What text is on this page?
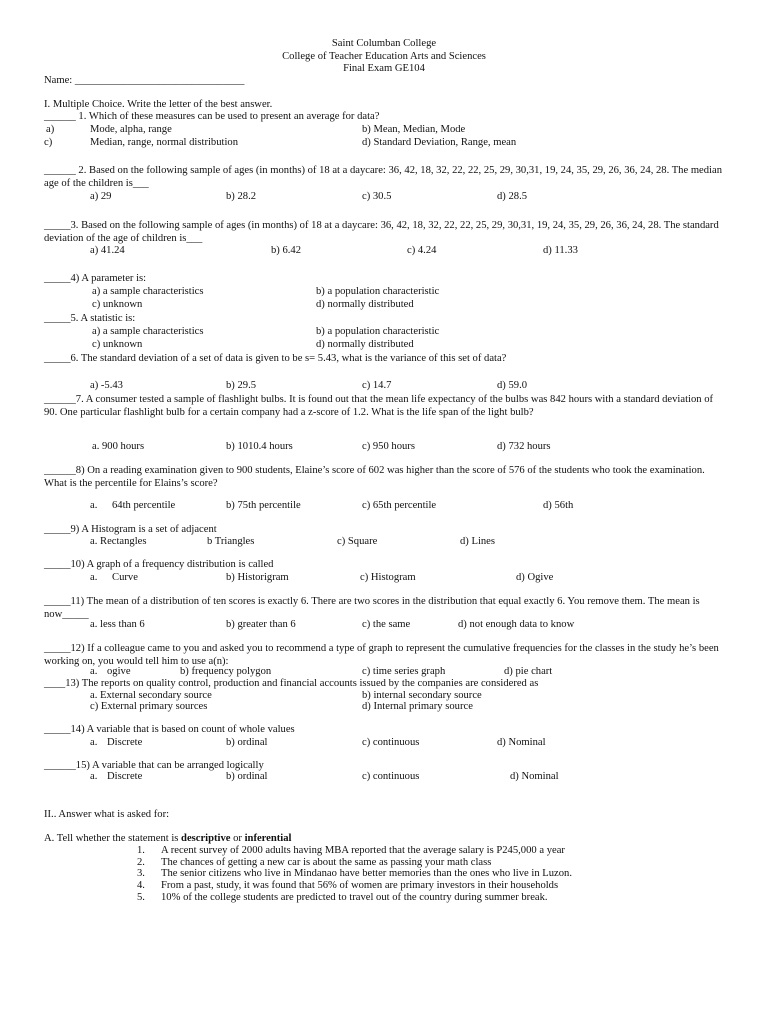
Saint Columban College
College of Teacher Education Arts and Sciences
Final Exam GE104
Name: ________________________________
I. Multiple Choice. Write the letter of the best answer.
______ 1. Which of these measures can be used to present an average for data?
a)	Mode, alpha, range	b) Mean, Median, Mode
c)	Median, range, normal distribution	d) Standard Deviation, Range, mean
______ 2. Based on the following sample of ages (in months) of 18 at a daycare: 36, 42, 18, 32, 22, 22, 25, 29, 30,31, 19, 24, 35, 29, 26, 36, 24, 28. The median age of the children is___
a) 29	b) 28.2	c) 30.5	d) 28.5
_____3. Based on the following sample of ages (in months) of 18 at a daycare: 36, 42, 18, 32, 22, 22, 25, 29, 30,31, 19, 24, 35, 29, 26, 36, 24, 28. The standard deviation of the age of children is___
a) 41.24	b) 6.42	c) 4.24	d) 11.33
_____4) A parameter is:
a) a sample characteristics	b) a population characteristic
c) unknown	d) normally distributed
_____5. A statistic is:
a) a sample characteristics	b) a population characteristic
c) unknown	d) normally distributed
_____6. The standard deviation of a set of data is given to be s= 5.43, what is the variance of this set of data?
a) -5.43	b) 29.5	c) 14.7	d) 59.0
______7. A consumer tested a sample of flashlight bulbs. It is found out that the mean life expectancy of the bulbs was 842 hours with a standard deviation of 90. One particular flashlight bulb for a certain company had a z-score of 1.2. What is the life span of the light bulb?
a. 900 hours	b) 1010.4 hours	c) 950 hours	d) 732 hours
______8) On a reading examination given to 900 students, Elaine’s score of 602 was higher than the score of 576 of the students who took the examination. What is the percentile for Elains’s score?
a. 64th percentile	b) 75th percentile	c) 65th percentile	d) 56th
_____9) A Histogram is a set of adjacent
a. Rectangles	b Triangles	c) Square	d) Lines
_____10) A graph of a frequency distribution is called
a. Curve	b) Historigram	c) Histogram	d) Ogive
_____11) The mean of a distribution of ten scores is exactly 6. There are two scores in the distribution that equal exactly 6. You remove them. The mean is now_____
a. less than 6	b) greater than 6	c) the same	d) not enough data to know
_____12) If a colleague came to you and asked you to recommend a type of graph to represent the cumulative frequencies for the classes in the study he’s been working on, you would tell him to use a(n):
a. ogive	b) frequency polygon	c) time series graph	d) pie chart
____13) The reports on quality control, production and financial accounts issued by the companies are considered as
a. External secondary source	b) internal secondary source
c) External primary sources	d) Internal primary source
_____14) A variable that is based on count of whole values
a. Discrete	b) ordinal	c) continuous	d) Nominal
______15) A variable that can be arranged logically
a. Discrete	b) ordinal	c) continuous	d) Nominal
II.. Answer what is asked for:
A. Tell whether the statement is descriptive or inferential
1. A recent survey of 2000 adults having MBA reported that the average salary is P245,000 a year
2. The chances of getting a new car is about the same as passing your math class
3. The senior citizens who live in Mindanao have better memories than the ones who live in Luzon.
4. From a past, study, it was found that 56% of women are primary investors in their households
5. 10% of the college students are predicted to travel out of the country during summer break.
